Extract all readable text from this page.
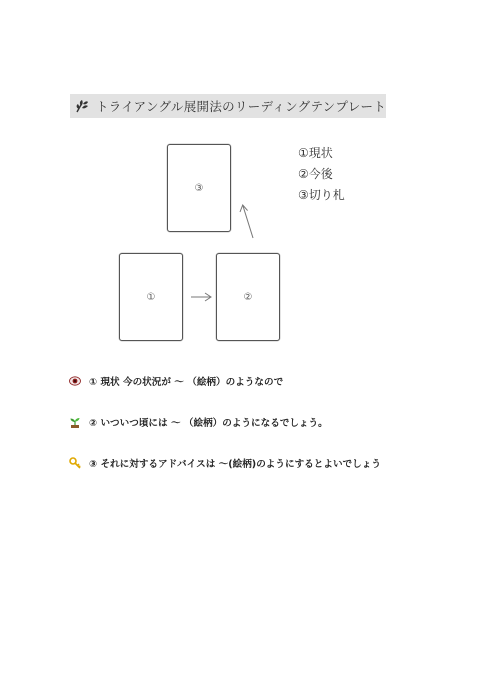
トライアングル展開法のリーディングテンプレート
③
①	②
①現状
②今後
③切り札
① 現状 今の状況が ～ （絵柄）のようなので
② いついつ頃には ～ （絵柄）のようになるでしょう。
③ それに対するアドバイスは ～(絵柄)のようにするとよいでしょう
